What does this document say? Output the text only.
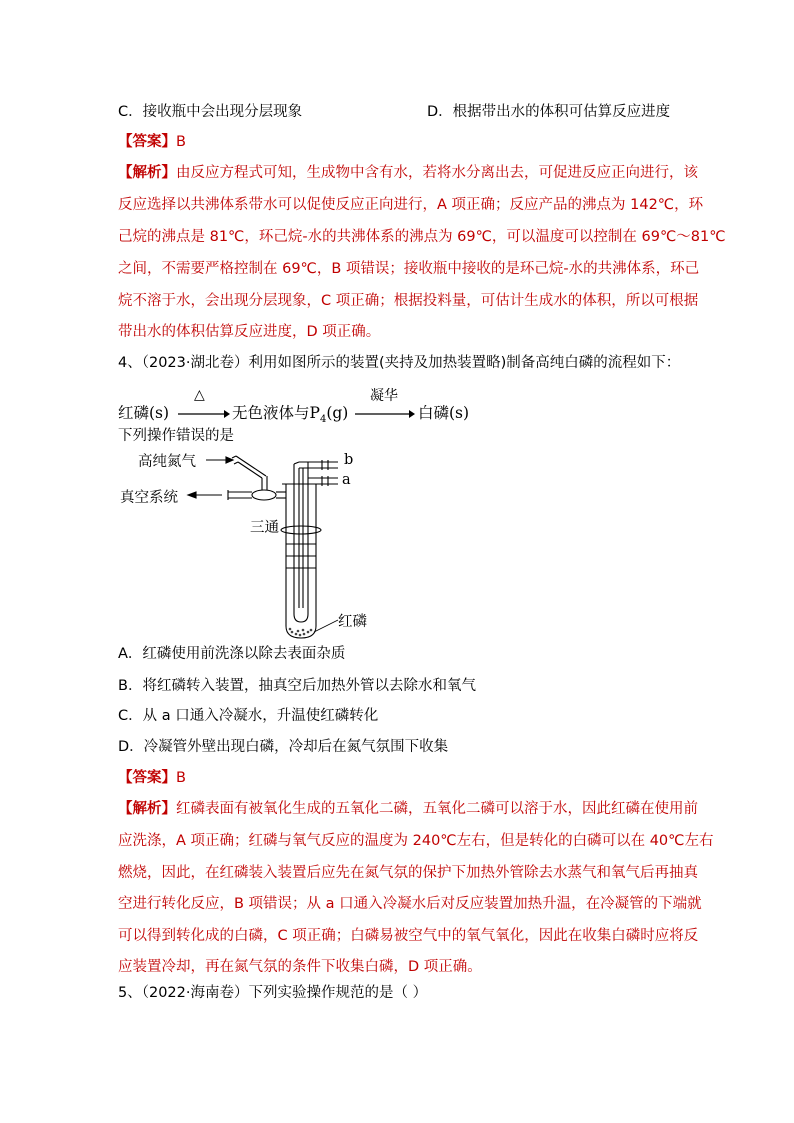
C．接收瓶中会出现分层现象	D．根据带出水的体积可估算反应进度
【答案】B
【解析】由反应方程式可知，生成物中含有水，若将水分离出去，可促进反应正向进行，该
反应选择以共沸体系带水可以促使反应正向进行，A 项正确；反应产品的沸点为 142℃，环
己烷的沸点是 81℃，环己烷-水的共沸体系的沸点为 69℃，可以温度可以控制在 69℃～81℃
之间，不需要严格控制在 69℃，B 项错误；接收瓶中接收的是环己烷-水的共沸体系，环己
烷不溶于水，会出现分层现象，C 项正确；根据投料量，可估计生成水的体积，所以可根据
带出水的体积估算反应进度，D 项正确。
4、（2023·湖北卷）利用如图所示的装置(夹持及加热装置略)制备高纯白磷的流程如下：
红磷(s)
△
无色液体与$P_4(g)$
凝华
白磷(s)
下列操作错误的是
高纯氮气
真空系统
三通
b
a
红磷
A．红磷使用前洗涤以除去表面杂质
B．将红磷转入装置，抽真空后加热外管以去除水和氧气
C．从 a 口通入冷凝水，升温使红磷转化
D．冷凝管外壁出现白磷，冷却后在氮气氛围下收集
【答案】B
【解析】红磷表面有被氧化生成的五氧化二磷，五氧化二磷可以溶于水，因此红磷在使用前
应洗涤，A 项正确；红磷与氧气反应的温度为 240℃左右，但是转化的白磷可以在 40℃左右
燃烧，因此，在红磷装入装置后应先在氮气氛的保护下加热外管除去水蒸气和氧气后再抽真
空进行转化反应，B 项错误；从 a 口通入冷凝水后对反应装置加热升温，在冷凝管的下端就
可以得到转化成的白磷，C 项正确；白磷易被空气中的氧气氧化，因此在收集白磷时应将反
应装置冷却，再在氮气氛的条件下收集白磷，D 项正确。
5、（2022·海南卷）下列实验操作规范的是（ ）
